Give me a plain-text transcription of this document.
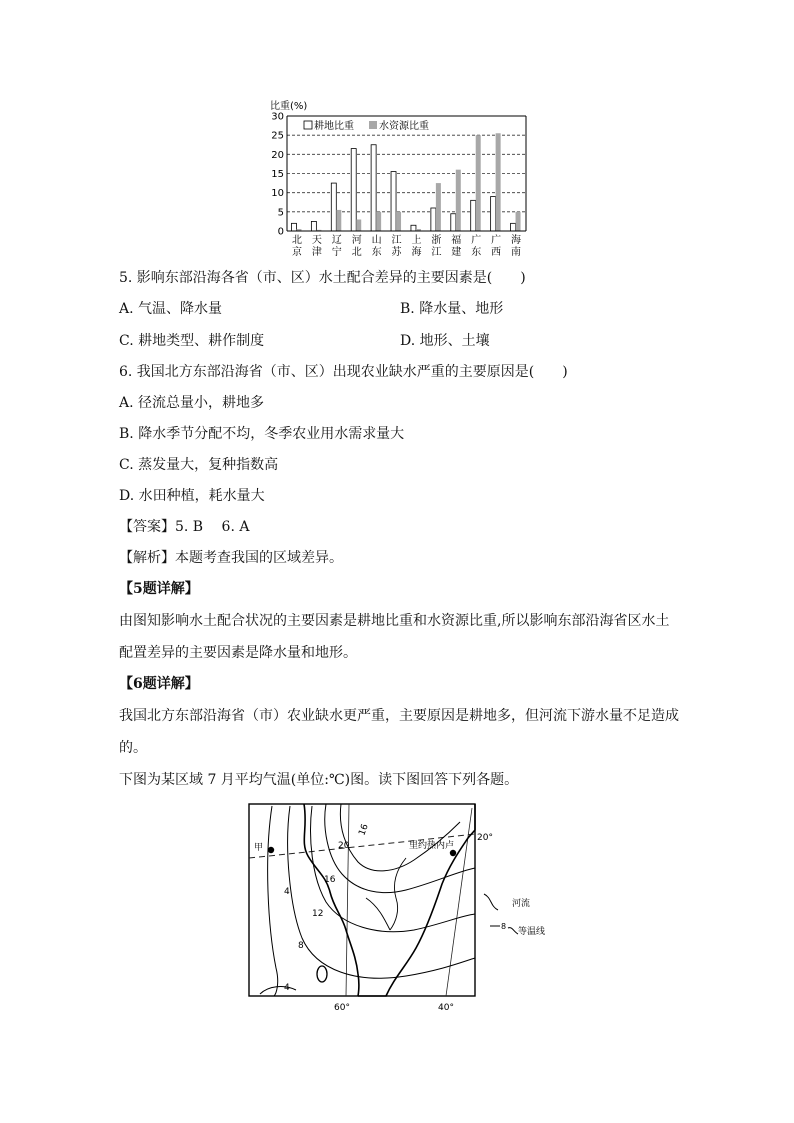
比重(%)
0
5
10
15
20
25
30
北
京
天
津
辽
宁
河
北
山
东
江
苏
上
海
浙
江
福
建
广
东
广
西
海
南
耕地比重	水资源比重
5. 影响东部沿海各省（市、区）水土配合差异的主要因素是(　　)
A. 气温、降水量	B. 降水量、地形
C. 耕地类型、耕作制度	D. 地形、土壤
6. 我国北方东部沿海省（市、区）出现农业缺水严重的主要原因是(　　)
A. 径流总量小，耕地多
B. 降水季节分配不均，冬季农业用水需求量大
C. 蒸发量大，复种指数高
D. 水田种植，耗水量大
【答案】5. B　 6. A
【解析】本题考查我国的区域差异。
【5题详解】
由图知影响水土配合状况的主要因素是耕地比重和水资源比重,所以影响东部沿海省区水土
配置差异的主要因素是降水量和地形。
【6题详解】
我国北方东部沿海省（市）农业缺水更严重，主要原因是耕地多，但河流下游水量不足造成
的。
下图为某区域 7 月平均气温(单位:℃)图。读下图回答下列各题。
甲	里约热内卢
20°
60°	40°
20
16
16
12
8
4
4
河流
8
等温线
